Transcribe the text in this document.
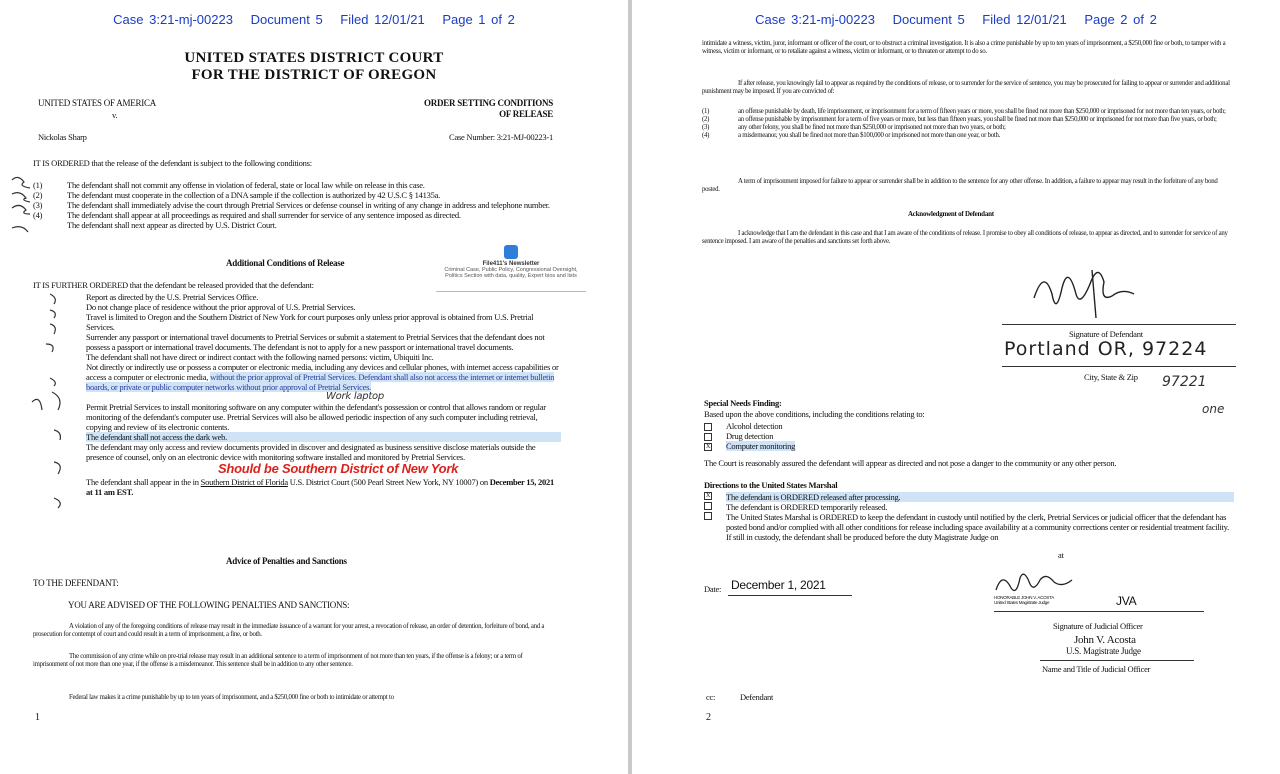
Case 3:21-mj-00223 Document 5 Filed 12/01/21 Page 1 of 2
UNITED STATES DISTRICT COURT
FOR THE DISTRICT OF OREGON
UNITED STATES OF AMERICA
v.
Nickolas Sharp
ORDER SETTING CONDITIONS
OF RELEASE
Case Number: 3:21-MJ-00223-1
IT IS ORDERED that the release of the defendant is subject to the following conditions:
(1)	The defendant shall not commit any offense in violation of federal, state or local law while on release in this case.
(2)	The defendant must cooperate in the collection of a DNA sample if the collection is authorized by 42 U.S.C § 14135a.
(3)	The defendant shall immediately advise the court through Pretrial Services or defense counsel in writing of any change in address and telephone number.
(4)	The defendant shall appear at all proceedings as required and shall surrender for service of any sentence imposed as directed.
The defendant shall next appear as directed by U.S. District Court.
Additional Conditions of Release	File411's Newsletter
Criminal Case, Public Policy, Congressional Oversight, Politics Section with data, quality, Expert bios and lists
IT IS FURTHER ORDERED that the defendant be released provided that the defendant:
Report as directed by the U.S. Pretrial Services Office.
Do not change place of residence without the prior approval of U.S. Pretrial Services.
Travel is limited to Oregon and the Southern District of New York for court purposes only unless prior approval is obtained from U.S. Pretrial Services.
Surrender any passport or international travel documents to Pretrial Services or submit a statement to Pretrial Services that the defendant does not possess a passport or international travel documents. The defendant is not to apply for a new passport or international travel documents.
The defendant shall not have direct or indirect contact with the following named persons: victim, Ubiquiti Inc.
Not directly or indirectly use or possess a computer or electronic media, including any devices and cellular phones, with internet access capabilities or access a computer or electronic media, without the prior approval of Pretrial Services. Defendant shall also not access the internet or internet bulletin boards, or private or public computer networks without prior approval of Pretrial Services.
Work laptop
Permit Pretrial Services to install monitoring software on any computer within the defendant's possession or control that allows random or regular monitoring of the defendant's computer use. Pretrial Services will also be allowed periodic inspection of any such computer including retrieval, copying and review of its electronic contents.
The defendant shall not access the dark web.
The defendant may only access and review documents provided in discover and designated as business sensitive disclose materials outside the presence of counsel, only on an electronic device with monitoring software installed and monitored by Pretrial Services.
Should be Southern District of New York
The defendant shall appear in the in Southern District of Florida U.S. District Court (500 Pearl Street New York, NY 10007) on December 15, 2021 at 11 am EST.
Advice of Penalties and Sanctions
TO THE DEFENDANT:
YOU ARE ADVISED OF THE FOLLOWING PENALTIES AND SANCTIONS:
A violation of any of the foregoing conditions of release may result in the immediate issuance of a warrant for your arrest, a revocation of release, an order of detention, forfeiture of bond, and a prosecution for contempt of court and could result in a term of imprisonment, a fine, or both.
The commission of any crime while on pre-trial release may result in an additional sentence to a term of imprisonment of not more than ten years, if the offense is a felony; or a term of imprisonment of not more than one year, if the offense is a misdemeanor. This sentence shall be in addition to any other sentence.
Federal law makes it a crime punishable by up to ten years of imprisonment, and a $250,000 fine or both to intimidate or attempt to
1
Case 3:21-mj-00223 Document 5 Filed 12/01/21 Page 2 of 2
intimidate a witness, victim, juror, informant or officer of the court, or to obstruct a criminal investigation. It is also a crime punishable by up to ten years of imprisonment, a $250,000 fine or both, to tamper with a witness, victim or informant, or to retaliate against a witness, victim or informant, or to threaten or attempt to do so.
If after release, you knowingly fail to appear as required by the conditions of release, or to surrender for the service of sentence, you may be prosecuted for failing to appear or surrender and additional punishment may be imposed. If you are convicted of:
(1)	an offense punishable by death, life imprisonment, or imprisonment for a term of fifteen years or more, you shall be fined not more than $250,000 or imprisoned for not more than ten years, or both;
(2)	an offense punishable by imprisonment for a term of five years or more, but less than fifteen years, you shall be fined not more than $250,000 or imprisoned for not more than five years, or both;
(3)	any other felony, you shall be fined not more than $250,000 or imprisoned not more than two years, or both;
(4)	a misdemeanor, you shall be fined not more than $100,000 or imprisoned not more than one year, or both.
A term of imprisonment imposed for failure to appear or surrender shall be in addition to the sentence for any other offense. In addition, a failure to appear may result in the forfeiture of any bond posted.
Acknowledgment of Defendant
I acknowledge that I am the defendant in this case and that I am aware of the conditions of release. I promise to obey all conditions of release, to appear as directed, and to surrender for service of any sentence imposed. I am aware of the penalties and sanctions set forth above.
Signature of Defendant
Portland OR, 97224
City, State & Zip 97221
one
Special Needs Finding:
Based upon the above conditions, including the conditions relating to:
Alcohol detection
Drug detection
X Computer monitoring
The Court is reasonably assured the defendant will appear as directed and not pose a danger to the community or any other person.
Directions to the United States Marshal
X The defendant is ORDERED released after processing.
The defendant is ORDERED temporarily released.
The United States Marshal is ORDERED to keep the defendant in custody until notified by the clerk, Pretrial Services or judicial officer that the defendant has posted bond and/or complied with all other conditions for release including space availability at a community corrections center or residential treatment facility. If still in custody, the defendant shall be produced before the duty Magistrate Judge on
at
Date: December 1, 2021
HONORABLE JOHN V. ACOSTA
United States Magistrate Judge	JVA
Signature of Judicial Officer
John V. Acosta
U.S. Magistrate Judge
Name and Title of Judicial Officer
cc:	Defendant
2
